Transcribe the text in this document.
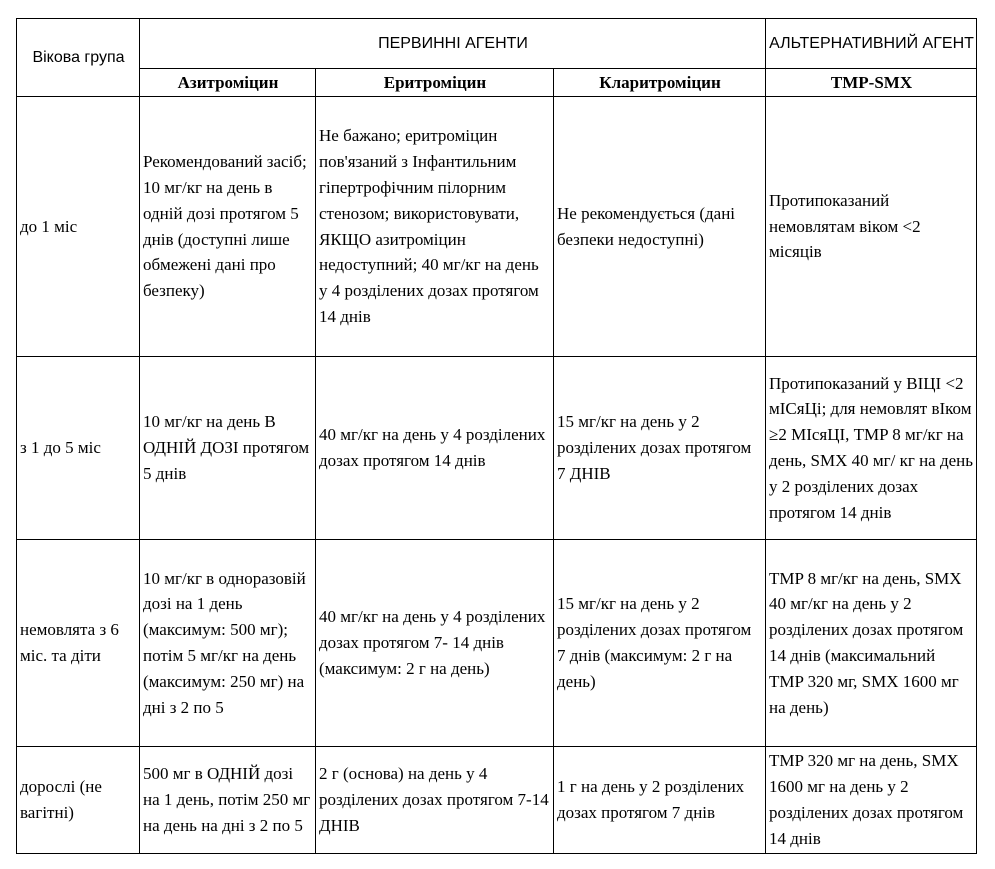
Вікова група	ПЕРВИННІ АГЕНТИ			АЛЬТЕРНАТИВНИЙ АГЕНТ
	Азитроміцин	Еритроміцин	Кларитроміцин	TMP-SMX
до 1 міс	Рекомендований засіб; 10 мг/кг на день в одній дозі протягом 5 днів (доступні лише обмежені дані про безпеку)	Не бажано; еритроміцин пов'язаний з Інфантильним гіпертрофічним пілорним стенозом; використовувати, ЯКЩО азитроміцин недоступний; 40 мг/кг на день у 4 розділених дозах протягом 14 днів	Не рекомендується (дані безпеки недоступні)	Протипоказаний немовлятам віком <2 місяців
з 1 до 5 міс	10 мг/кг на день В ОДНІЙ ДОЗІ протягом 5 днів	40 мг/кг на день у 4 розділених дозах протягом 14 днів	15 мг/кг на день у 2 розділених дозах протягом 7 ДНІВ	Протипоказаний у ВІЦІ <2 мІСяЦі; для немовлят вІком ≥2 МІсяЦІ, TMP 8 мг/кг на день, SMX 40 мг/ кг на день у 2 розділених дозах протягом 14 днів
немовлята з 6 міс. та діти	10 мг/кг в одноразовій дозі на 1 день (максимум: 500 мг); потім 5 мг/кг на день (максимум: 250 мг) на дні з 2 по 5	40 мг/кг на день у 4 розділених дозах протягом 7- 14 днів (максимум: 2 г на день)	15 мг/кг на день у 2 розділених дозах протягом 7 днів (максимум: 2 г на день)	TMP 8 мг/кг на день, SMX 40 мг/кг на день у 2 розділених дозах протягом 14 днів (максимальний TMP 320 мг, SMX 1600 мг на день)
дорослі (не вагітні)	500 мг в ОДНІЙ дозі на 1 день, потім 250 мг на день на дні з 2 по 5	2 г (основа) на день у 4 розділених дозах протягом 7-14 ДНІВ	1 г на день у 2 розділених дозах протягом 7 днів	TMP 320 мг на день, SMX 1600 мг на день у 2 розділених дозах протягом 14 днів
